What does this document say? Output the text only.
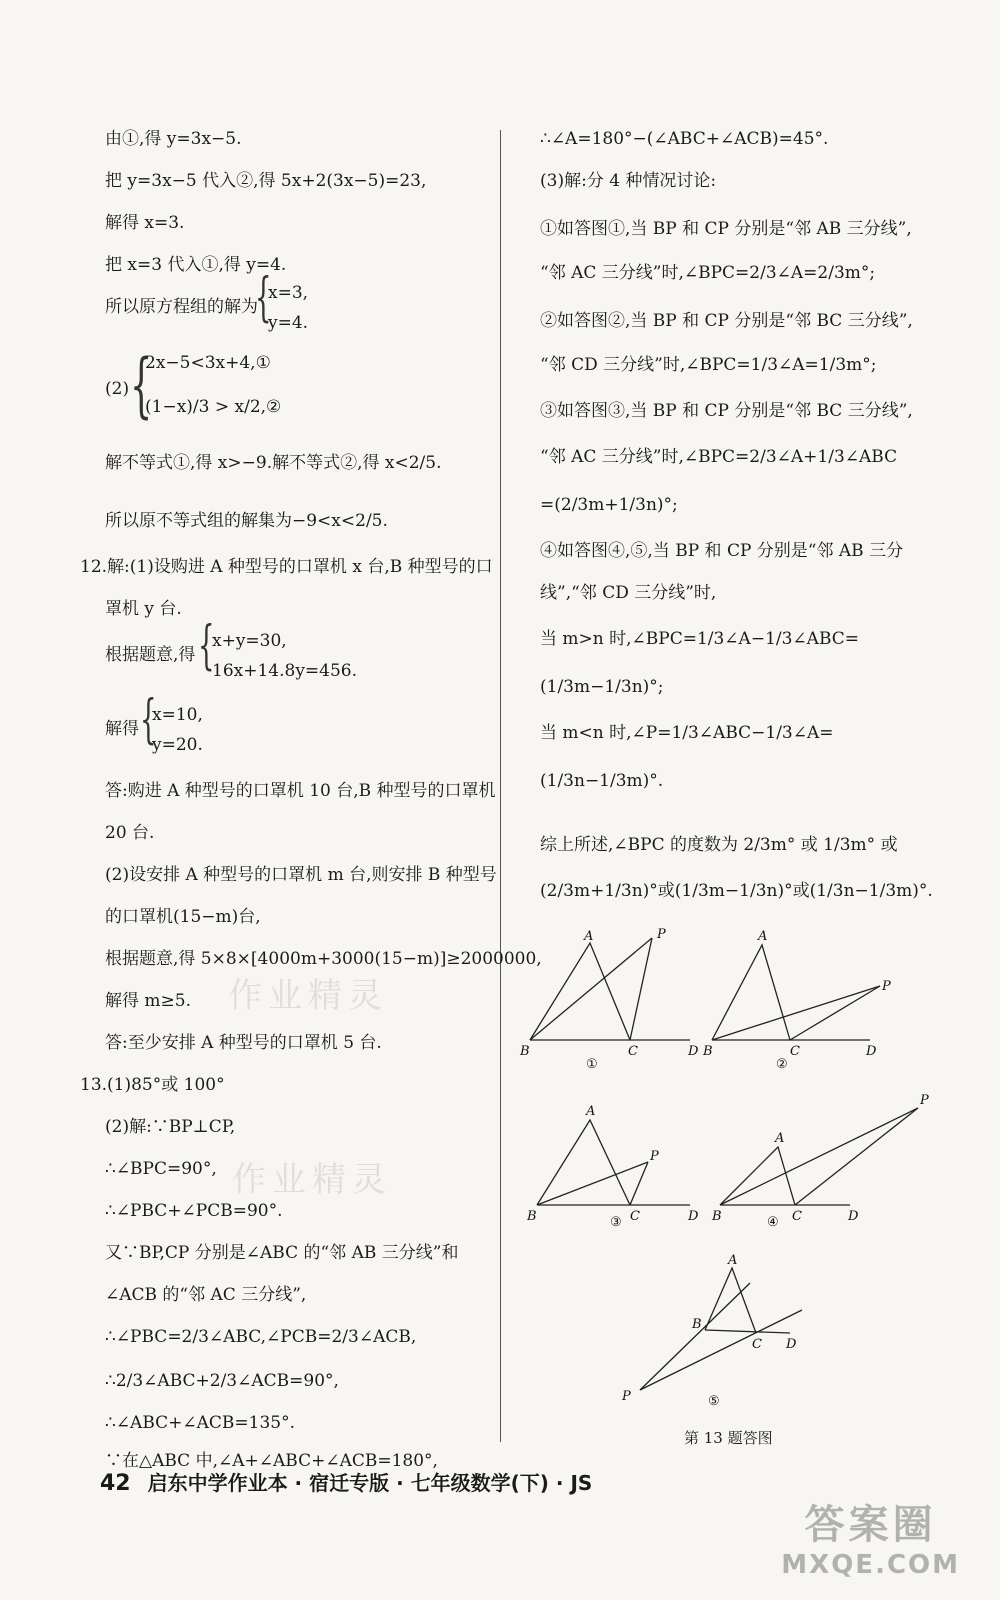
由①,得 y=3x−5.
把 y=3x−5 代入②,得 5x+2(3x−5)=23,
解得 x=3.
把 x=3 代入①,得 y=4.
所以原方程组的解为
{
x=3,
y=4.
(2) {
2x−5<3x+4,①
(1−x)/3 > x/2,②
解不等式①,得 x>−9.解不等式②,得 x<2/5.
所以原不等式组的解集为−9<x<2/5.
12.解:(1)设购进 A 种型号的口罩机 x 台,B 种型号的口
罩机 y 台.
根据题意,得 {
x+y=30,
16x+14.8y=456.
解得 {
x=10,
y=20.
答:购进 A 种型号的口罩机 10 台,B 种型号的口罩机
20 台.
(2)设安排 A 种型号的口罩机 m 台,则安排 B 种型号
的口罩机(15−m)台,
根据题意,得 5×8×[4000m+3000(15−m)]≥2000000,
解得 m≥5.
答:至少安排 A 种型号的口罩机 5 台.
13.(1)85°或 100°
(2)解:∵BP⊥CP,
∴∠BPC=90°,
∴∠PBC+∠PCB=90°.
又∵BP,CP 分别是∠ABC 的“邻 AB 三分线”和
∠ACB 的“邻 AC 三分线”,
∴∠PBC=2/3∠ABC,∠PCB=2/3∠ACB,
∴2/3∠ABC+2/3∠ACB=90°,
∴∠ABC+∠ACB=135°.
∵在△ABC 中,∠A+∠ABC+∠ACB=180°,
∴∠A=180°−(∠ABC+∠ACB)=45°.
(3)解:分 4 种情况讨论:
①如答图①,当 BP 和 CP 分别是“邻 AB 三分线”,
“邻 AC 三分线”时,∠BPC=2/3∠A=2/3m°;
②如答图②,当 BP 和 CP 分别是“邻 BC 三分线”,
“邻 CD 三分线”时,∠BPC=1/3∠A=1/3m°;
③如答图③,当 BP 和 CP 分别是“邻 BC 三分线”,
“邻 AC 三分线”时,∠BPC=2/3∠A+1/3∠ABC
=(2/3m+1/3n)°;
④如答图④,⑤,当 BP 和 CP 分别是“邻 AB 三分
线”,“邻 CD 三分线”时,
当 m>n 时,∠BPC=1/3∠A−1/3∠ABC=
(1/3m−1/3n)°;
当 m<n 时,∠P=1/3∠ABC−1/3∠A=
(1/3n−1/3m)°.
综上所述,∠BPC 的度数为 2/3m° 或 1/3m° 或
(2/3m+1/3n)°或(1/3m−1/3n)°或(1/3n−1/3m)°.
A	P
B	C	D
①
A
P
B	C	D
②
A
P
B	C	D
③
A
P
B	C	D
④
A
B
C D
P	⑤
第 13 题答图
作业精灵
作业精灵
42 启东中学作业本 · 宿迁专版 · 七年级数学(下) · JS
答案圈
MXQE.COM
